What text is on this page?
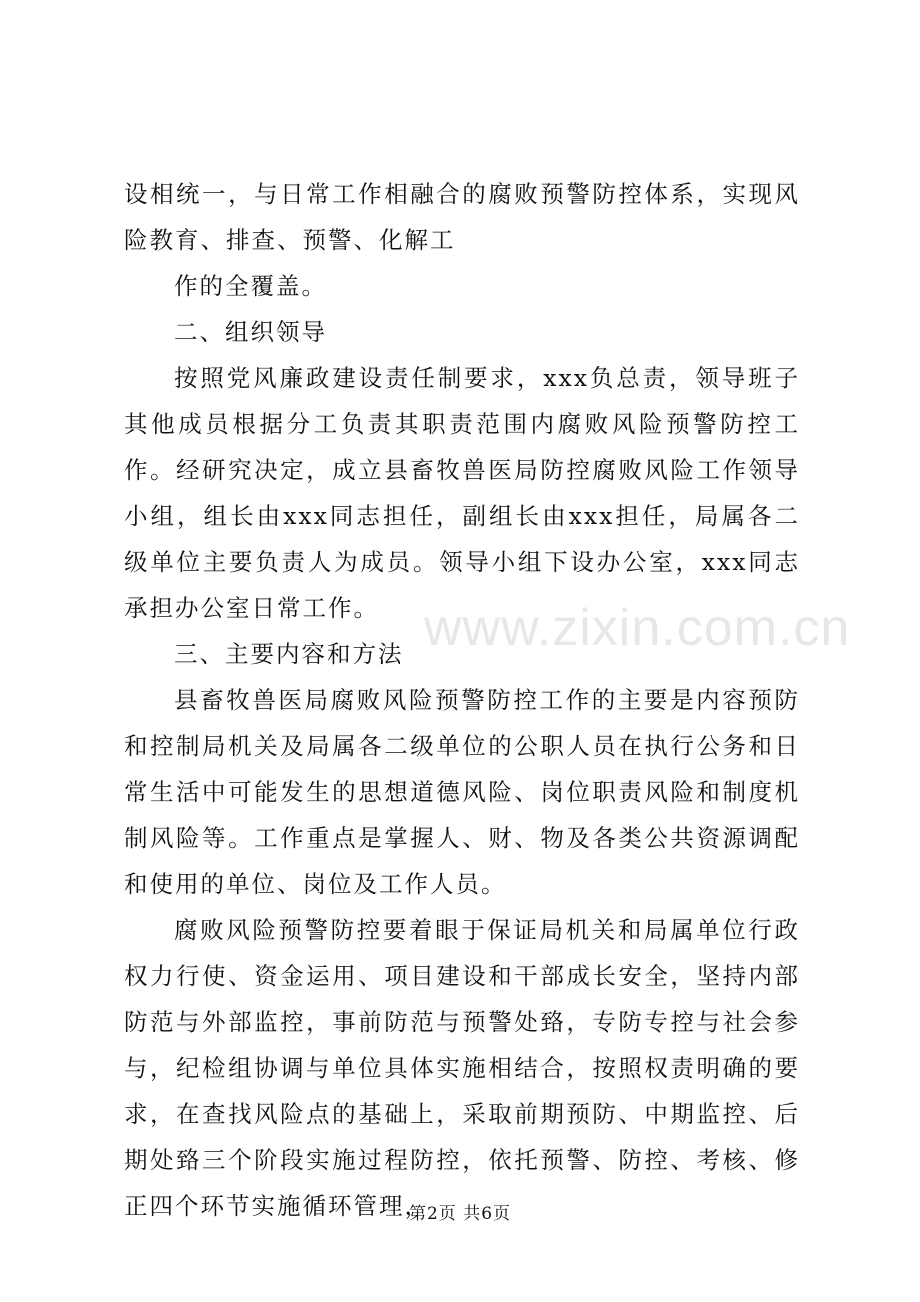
设相统一，与日常工作相融合的腐败预警防控体系，实现风险教育、排查、预警、化解工

作的全覆盖。

二、组织领导

按照党风廉政建设责任制要求，xxx负总责，领导班子其他成员根据分工负责其职责范围内腐败风险预警防控工作。经研究决定，成立县畜牧兽医局防控腐败风险工作领导小组，组长由xxx同志担任，副组长由xxx担任，局属各二级单位主要负责人为成员。领导小组下设办公室，xxx同志承担办公室日常工作。

三、主要内容和方法

县畜牧兽医局腐败风险预警防控工作的主要是内容预防和控制局机关及局属各二级单位的公职人员在执行公务和日常生活中可能发生的思想道德风险、岗位职责风险和制度机制风险等。工作重点是掌握人、财、物及各类公共资源调配和使用的单位、岗位及工作人员。

腐败风险预警防控要着眼于保证局机关和局属单位行政权力行使、资金运用、项目建设和干部成长安全，坚持内部防范与外部监控，事前防范与预警处臵，专防专控与社会参与，纪检组协调与单位具体实施相结合，按照权责明确的要求，在查找风险点的基础上，采取前期预防、中期监控、后期处臵三个阶段实施过程防控，依托预警、防控、考核、修正四个环节实施循环管理，

www.zixin.com.cn
第2页 共6页
